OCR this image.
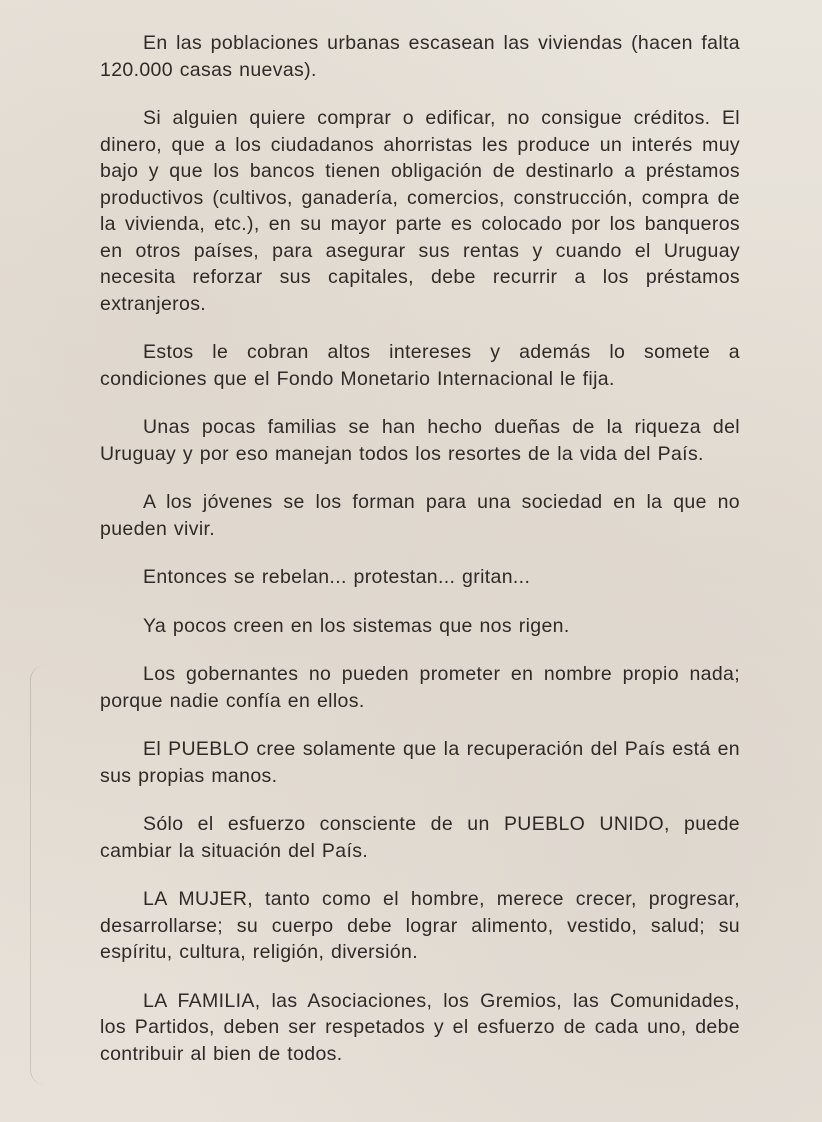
En las poblaciones urbanas escasean las viviendas (hacen falta 120.000 casas nuevas).

Si alguien quiere comprar o edificar, no consigue créditos. El dinero, que a los ciudadanos ahorristas les produce un interés muy bajo y que los bancos tienen obligación de destinarlo a préstamos productivos (cultivos, ganadería, comercios, construcción, compra de la vivienda, etc.), en su mayor parte es colocado por los banqueros en otros países, para asegurar sus rentas y cuando el Uruguay necesita reforzar sus capitales, debe recurrir a los préstamos extranjeros.

Estos le cobran altos intereses y además lo somete a condiciones que el Fondo Monetario Internacional le fija.

Unas pocas familias se han hecho dueñas de la riqueza del Uruguay y por eso manejan todos los resortes de la vida del País.

A los jóvenes se los forman para una sociedad en la que no pueden vivir.

Entonces se rebelan... protestan... gritan...

Ya pocos creen en los sistemas que nos rigen.

Los gobernantes no pueden prometer en nombre propio nada; porque nadie confía en ellos.

El PUEBLO cree solamente que la recuperación del País está en sus propias manos.

Sólo el esfuerzo consciente de un PUEBLO UNIDO, puede cambiar la situación del País.

LA MUJER, tanto como el hombre, merece crecer, progresar, desarrollarse; su cuerpo debe lograr alimento, vestido, salud; su espíritu, cultura, religión, diversión.

LA FAMILIA, las Asociaciones, los Gremios, las Comunidades, los Partidos, deben ser respetados y el esfuerzo de cada uno, debe contribuir al bien de todos.
